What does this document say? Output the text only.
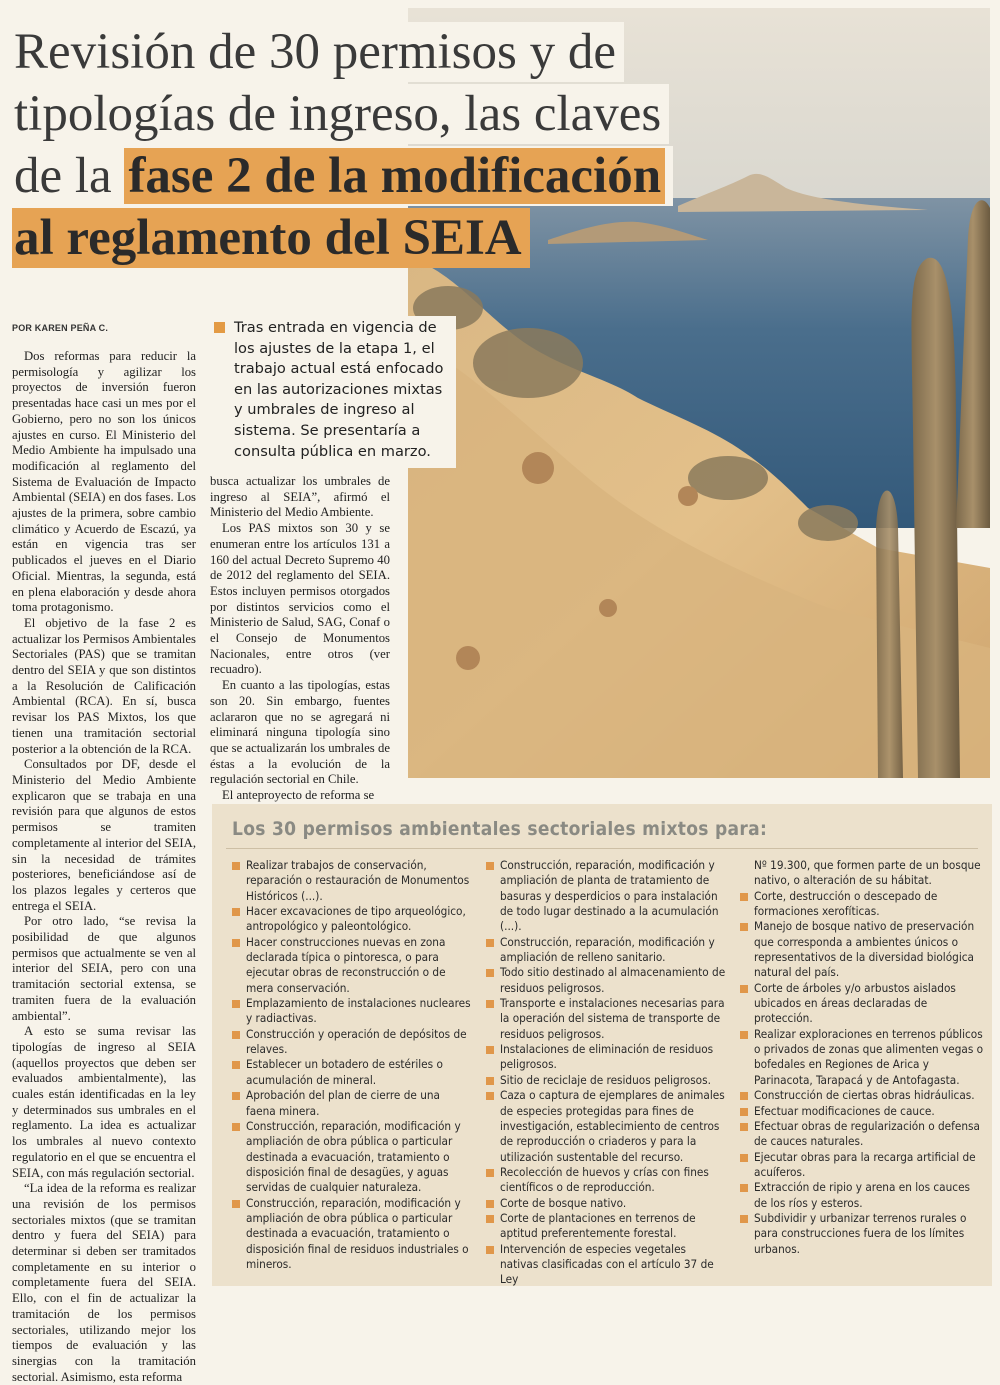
Revisión de 30 permisos y de
tipologías de ingreso, las claves
de la fase 2 de la modificación
al reglamento del SEIA
POR KAREN PEÑA C.	Tras entrada en vigencia de los ajustes de la etapa 1, el trabajo actual está enfocado en las autorizaciones mixtas y umbrales de ingreso al sistema. Se presentaría a consulta pública en marzo.

Dos reformas para reducir la permisología y agilizar los proyectos de inversión fueron presentadas hace casi un mes por el Gobierno, pero no son los únicos ajustes en curso. El Ministerio del Medio Ambiente ha impulsado una modificación al reglamento del Sistema de Evaluación de Impacto Ambiental (SEIA) en dos fases. Los ajustes de la primera, sobre cambio climático y Acuerdo de Escazú, ya están en vigencia tras ser publicados el jueves en el Diario Oficial. Mientras, la segunda, está en plena elaboración y desde ahora toma protagonismo.

El objetivo de la fase 2 es actualizar los Permisos Ambientales Sectoriales (PAS) que se tramitan dentro del SEIA y que son distintos a la Resolución de Calificación Ambiental (RCA). En sí, busca revisar los PAS Mixtos, los que tienen una tramitación sectorial posterior a la obtención de la RCA.

Consultados por DF, desde el Ministerio del Medio Ambiente explicaron que se trabaja en una revisión para que algunos de estos permisos se tramiten completamente al interior del SEIA, sin la necesidad de trámites posteriores, beneficiándose así de los plazos legales y certeros que entrega el SEIA.

Por otro lado, “se revisa la posibilidad de que algunos permisos que actualmente se ven al interior del SEIA, pero con una tramitación sectorial extensa, se tramiten fuera de la evaluación ambiental”.

A esto se suma revisar las tipologías de ingreso al SEIA (aquellos proyectos que deben ser evaluados ambientalmente), las cuales están identificadas en la ley y determinados sus umbrales en el reglamento. La idea es actualizar los umbrales al nuevo contexto regulatorio en el que se encuentra el SEIA, con más regulación sectorial.

“La idea de la reforma es realizar una revisión de los permisos sectoriales mixtos (que se tramitan dentro y fuera del SEIA) para determinar si deben ser tramitados completamente en su interior o completamente fuera del SEIA. Ello, con el fin de actualizar la tramitación de los permisos sectoriales, utilizando mejor los tiempos de evaluación y las sinergias con la tramitación sectorial. Asimismo, esta reforma

busca actualizar los umbrales de ingreso al SEIA”, afirmó el Ministerio del Medio Ambiente.

Los PAS mixtos son 30 y se enumeran entre los artículos 131 a 160 del actual Decreto Supremo 40 de 2012 del reglamento del SEIA. Estos incluyen permisos otorgados por distintos servicios como el Ministerio de Salud, SAG, Conaf o el Consejo de Monumentos Nacionales, entre otros (ver recuadro).

En cuanto a las tipologías, estas son 20. Sin embargo, fuentes aclararon que no se agregará ni eliminará ninguna tipología sino que se actualizarán los umbrales de éstas a la evolución de la regulación sectorial en Chile.

El anteproyecto de reforma se

Los 30 permisos ambientales sectoriales mixtos para:
Realizar trabajos de conservación, reparación o restauración de Monumentos Históricos (...).
Hacer excavaciones de tipo arqueológico, antropológico y paleontológico.
Hacer construcciones nuevas en zona declarada típica o pintoresca, o para ejecutar obras de reconstrucción o de mera conservación.
Emplazamiento de instalaciones nucleares y radiactivas.
Construcción y operación de depósitos de relaves.
Establecer un botadero de estériles o acumulación de mineral.
Aprobación del plan de cierre de una faena minera.
Construcción, reparación, modificación y ampliación de obra pública o particular destinada a evacuación, tratamiento o disposición final de desagües, y aguas servidas de cualquier naturaleza.
Construcción, reparación, modificación y ampliación de obra pública o particular destinada a evacuación, tratamiento o disposición final de residuos industriales o mineros.
Construcción, reparación, modificación y ampliación de planta de tratamiento de basuras y desperdicios o para instalación de todo lugar destinado a la acumulación (...).
Construcción, reparación, modificación y ampliación de relleno sanitario.
Todo sitio destinado al almacenamiento de residuos peligrosos.
Transporte e instalaciones necesarias para la operación del sistema de transporte de residuos peligrosos.
Instalaciones de eliminación de residuos peligrosos.
Sitio de reciclaje de residuos peligrosos.
Caza o captura de ejemplares de animales de especies protegidas para fines de investigación, establecimiento de centros de reproducción o criaderos y para la utilización sustentable del recurso.
Recolección de huevos y crías con fines científicos o de reproducción.
Corte de bosque nativo.
Corte de plantaciones en terrenos de aptitud preferentemente forestal.
Intervención de especies vegetales nativas clasificadas con el artículo 37 de Ley
Nº 19.300, que formen parte de un bosque nativo, o alteración de su hábitat.
Corte, destrucción o descepado de formaciones xerofíticas.
Manejo de bosque nativo de preservación que corresponda a ambientes únicos o representativos de la diversidad biológica natural del país.
Corte de árboles y/o arbustos aislados ubicados en áreas declaradas de protección.
Realizar exploraciones en terrenos públicos o privados de zonas que alimenten vegas o bofedales en Regiones de Arica y Parinacota, Tarapacá y de Antofagasta.
Construcción de ciertas obras hidráulicas.
Efectuar modificaciones de cauce.
Efectuar obras de regularización o defensa de cauces naturales.
Ejecutar obras para la recarga artificial de acuíferos.
Extracción de ripio y arena en los cauces de los ríos y esteros.
Subdividir y urbanizar terrenos rurales o para construcciones fuera de los límites urbanos.
